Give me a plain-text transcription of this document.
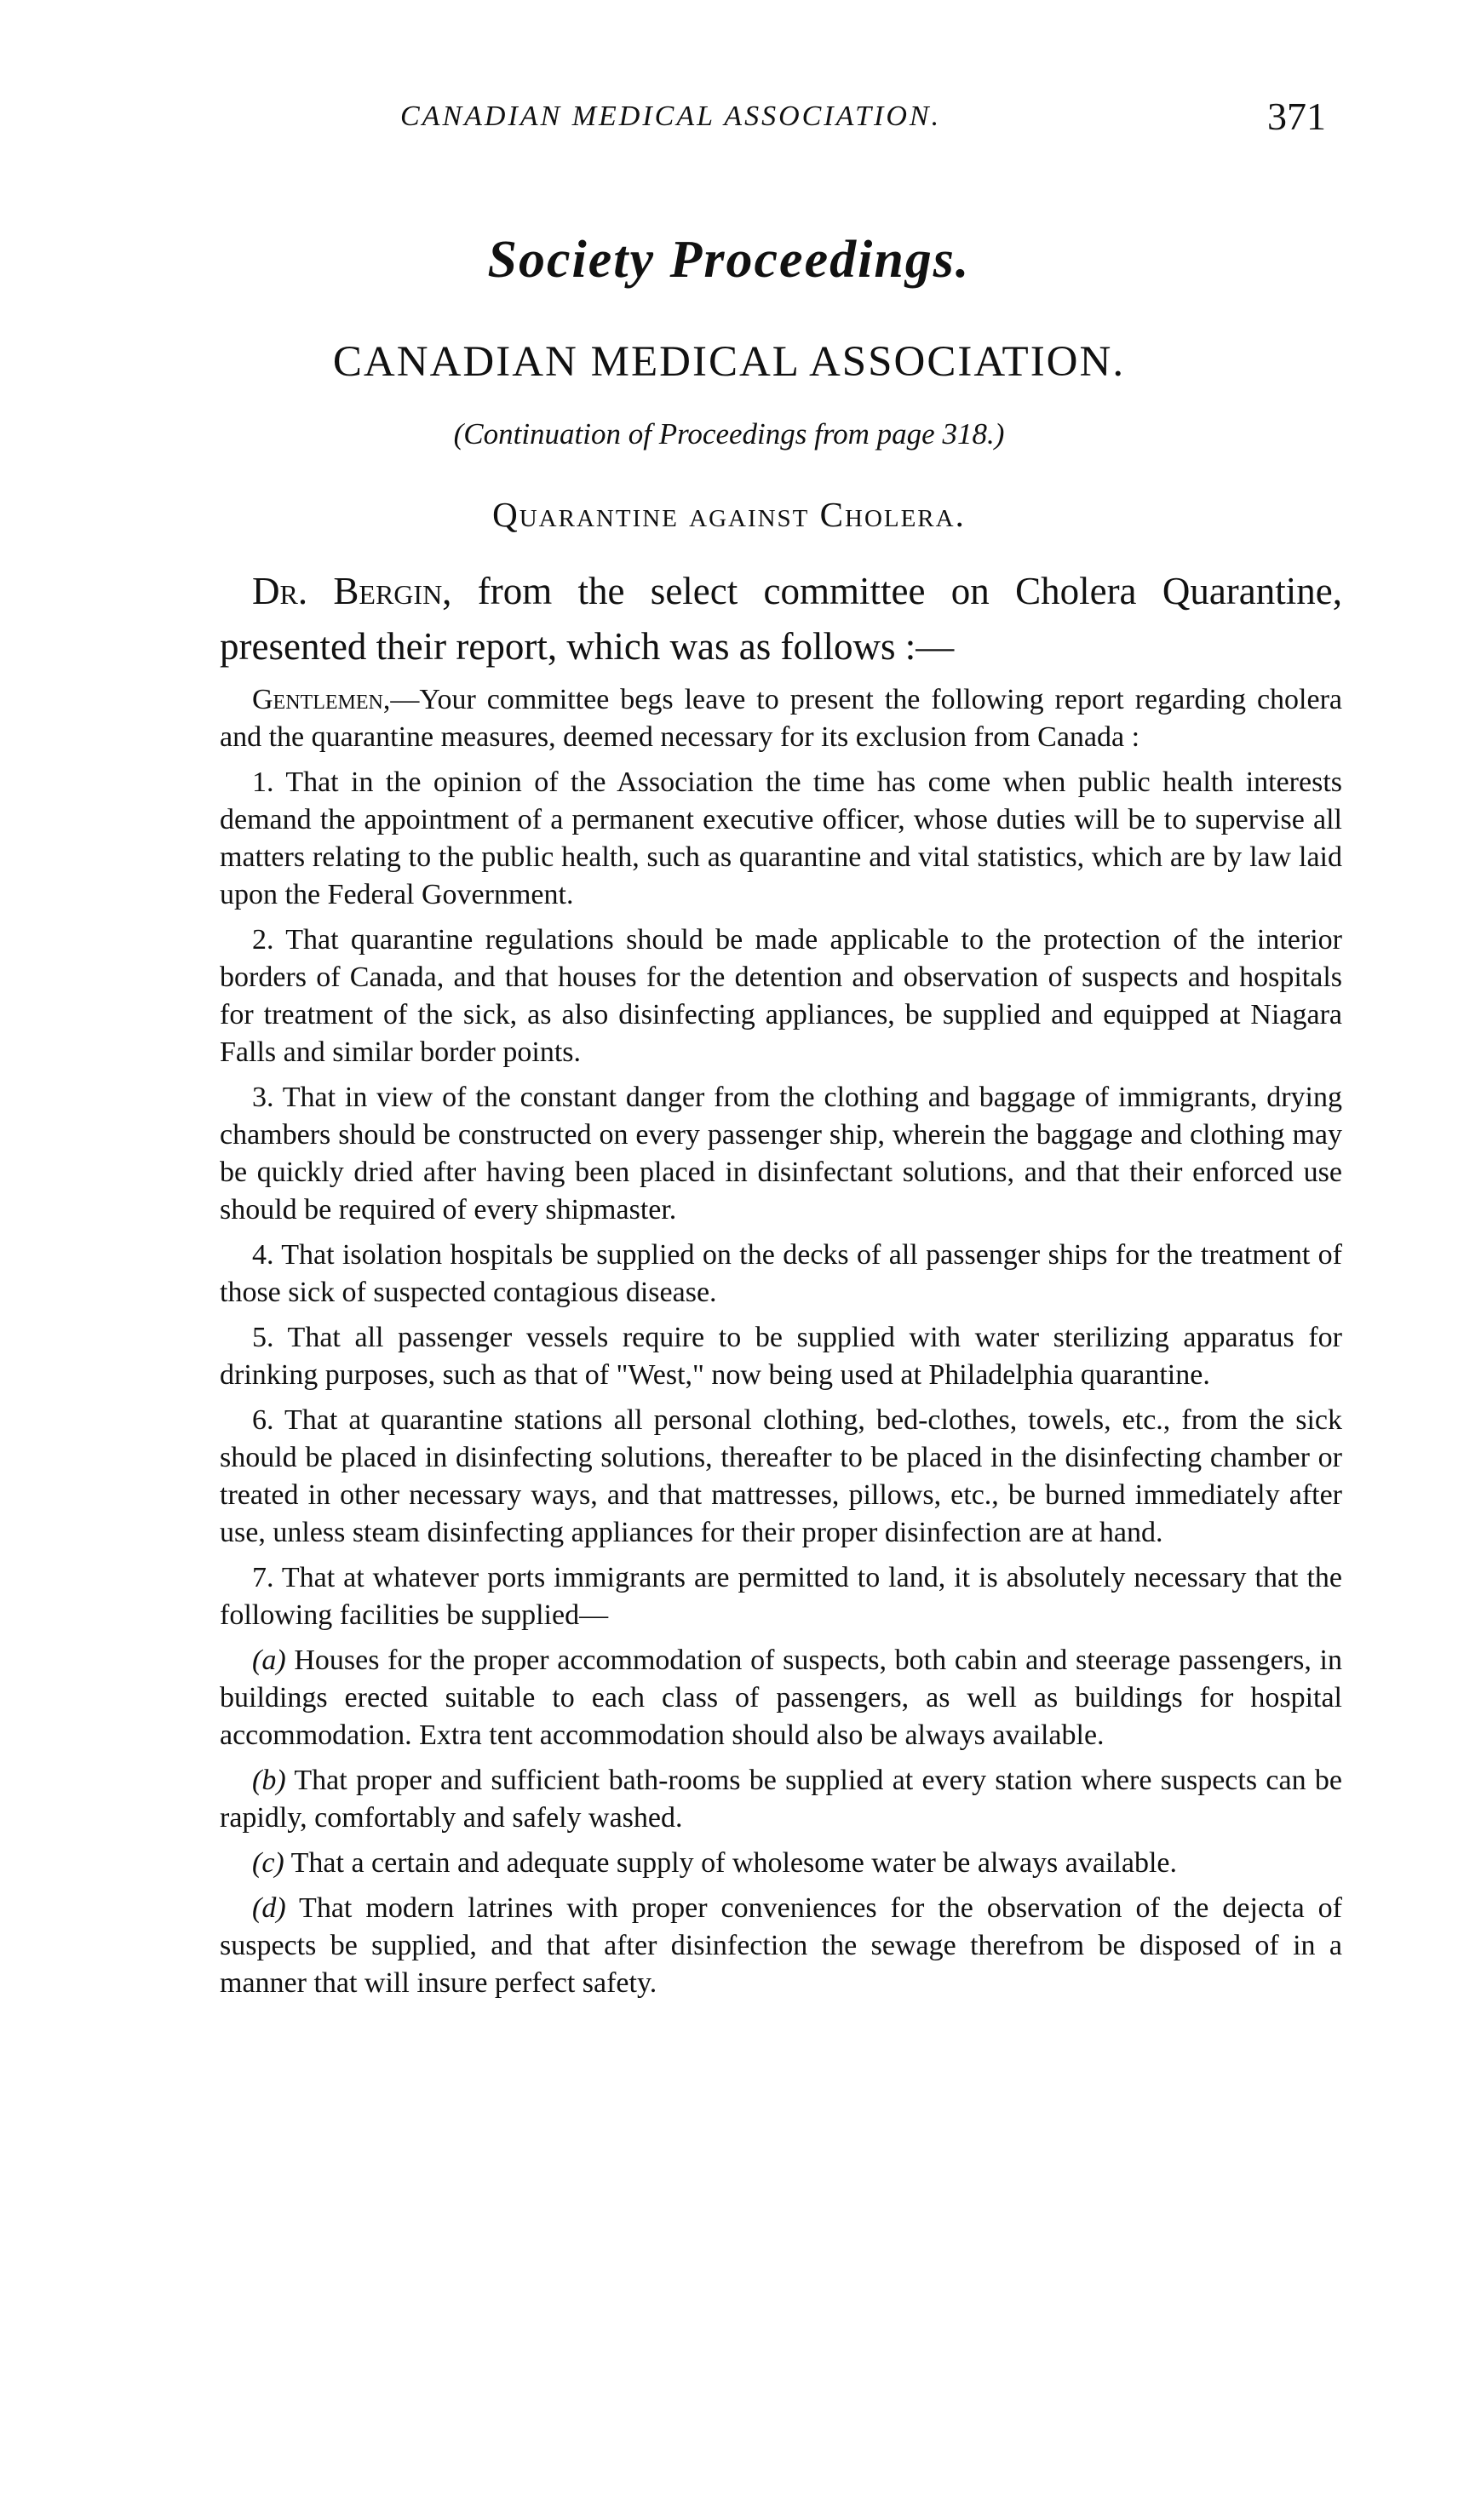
CANADIAN MEDICAL ASSOCIATION.	371
Society Proceedings.
CANADIAN MEDICAL ASSOCIATION.
(Continuation of Proceedings from page 318.)
Quarantine against Cholera.
Dr. Bergin, from the select committee on Cholera Quarantine, presented their report, which was as follows :—

Gentlemen,—Your committee begs leave to present the following report regarding cholera and the quarantine measures, deemed necessary for its exclusion from Canada :

1. That in the opinion of the Association the time has come when public health interests demand the appointment of a permanent executive officer, whose duties will be to supervise all matters relating to the public health, such as quarantine and vital statistics, which are by law laid upon the Federal Government.

2. That quarantine regulations should be made applicable to the protection of the interior borders of Canada, and that houses for the detention and observation of suspects and hospitals for treatment of the sick, as also disinfecting appliances, be supplied and equipped at Niagara Falls and similar border points.

3. That in view of the constant danger from the clothing and baggage of immigrants, drying chambers should be constructed on every passenger ship, wherein the baggage and clothing may be quickly dried after having been placed in disinfectant solutions, and that their enforced use should be required of every shipmaster.

4. That isolation hospitals be supplied on the decks of all passenger ships for the treatment of those sick of suspected contagious disease.

5. That all passenger vessels require to be supplied with water sterilizing apparatus for drinking purposes, such as that of "West," now being used at Philadelphia quarantine.

6. That at quarantine stations all personal clothing, bed-clothes, towels, etc., from the sick should be placed in disinfecting solutions, thereafter to be placed in the disinfecting chamber or treated in other necessary ways, and that mattresses, pillows, etc., be burned immediately after use, unless steam disinfecting appliances for their proper disinfection are at hand.

7. That at whatever ports immigrants are permitted to land, it is absolutely necessary that the following facilities be supplied—

(a) Houses for the proper accommodation of suspects, both cabin and steerage passengers, in buildings erected suitable to each class of passengers, as well as buildings for hospital accommodation. Extra tent accommodation should also be always available.

(b) That proper and sufficient bath-rooms be supplied at every station where suspects can be rapidly, comfortably and safely washed.

(c) That a certain and adequate supply of wholesome water be always available.

(d) That modern latrines with proper conveniences for the observation of the dejecta of suspects be supplied, and that after disinfection the sewage therefrom be disposed of in a manner that will insure perfect safety.
